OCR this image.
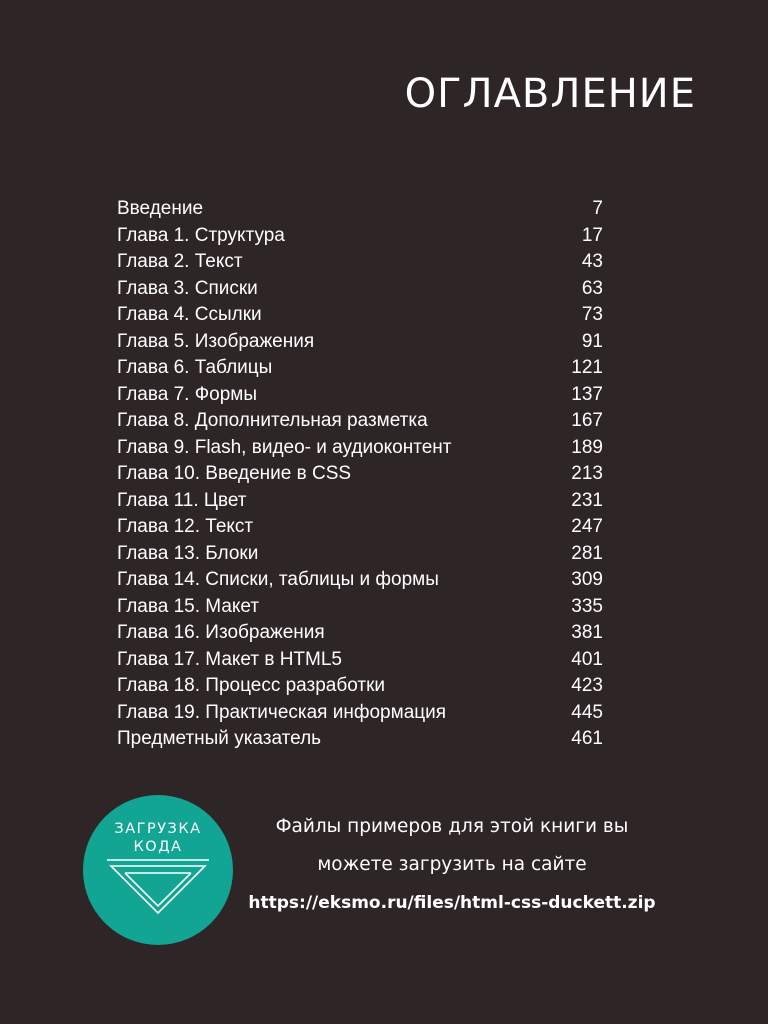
ОГЛАВЛЕНИЕ
Введение	7
Глава 1. Структура	17
Глава 2. Текст	43
Глава 3. Списки	63
Глава 4. Ссылки	73
Глава 5. Изображения	91
Глава 6. Таблицы	121
Глава 7. Формы	137
Глава 8. Дополнительная разметка	167
Глава 9. Flash, видео- и аудиоконтент	189
Глава 10. Введение в CSS	213
Глава 11. Цвет	231
Глава 12. Текст	247
Глава 13. Блоки	281
Глава 14. Списки, таблицы и формы	309
Глава 15. Макет	335
Глава 16. Изображения	381
Глава 17. Макет в HTML5	401
Глава 18. Процесс разработки	423
Глава 19. Практическая информация	445
Предметный указатель	461
ЗАГРУЗКА
КОДА
Файлы примеров для этой книги вы
можете загрузить на сайте
https://eksmo.ru/files/html-css-duckett.zip
